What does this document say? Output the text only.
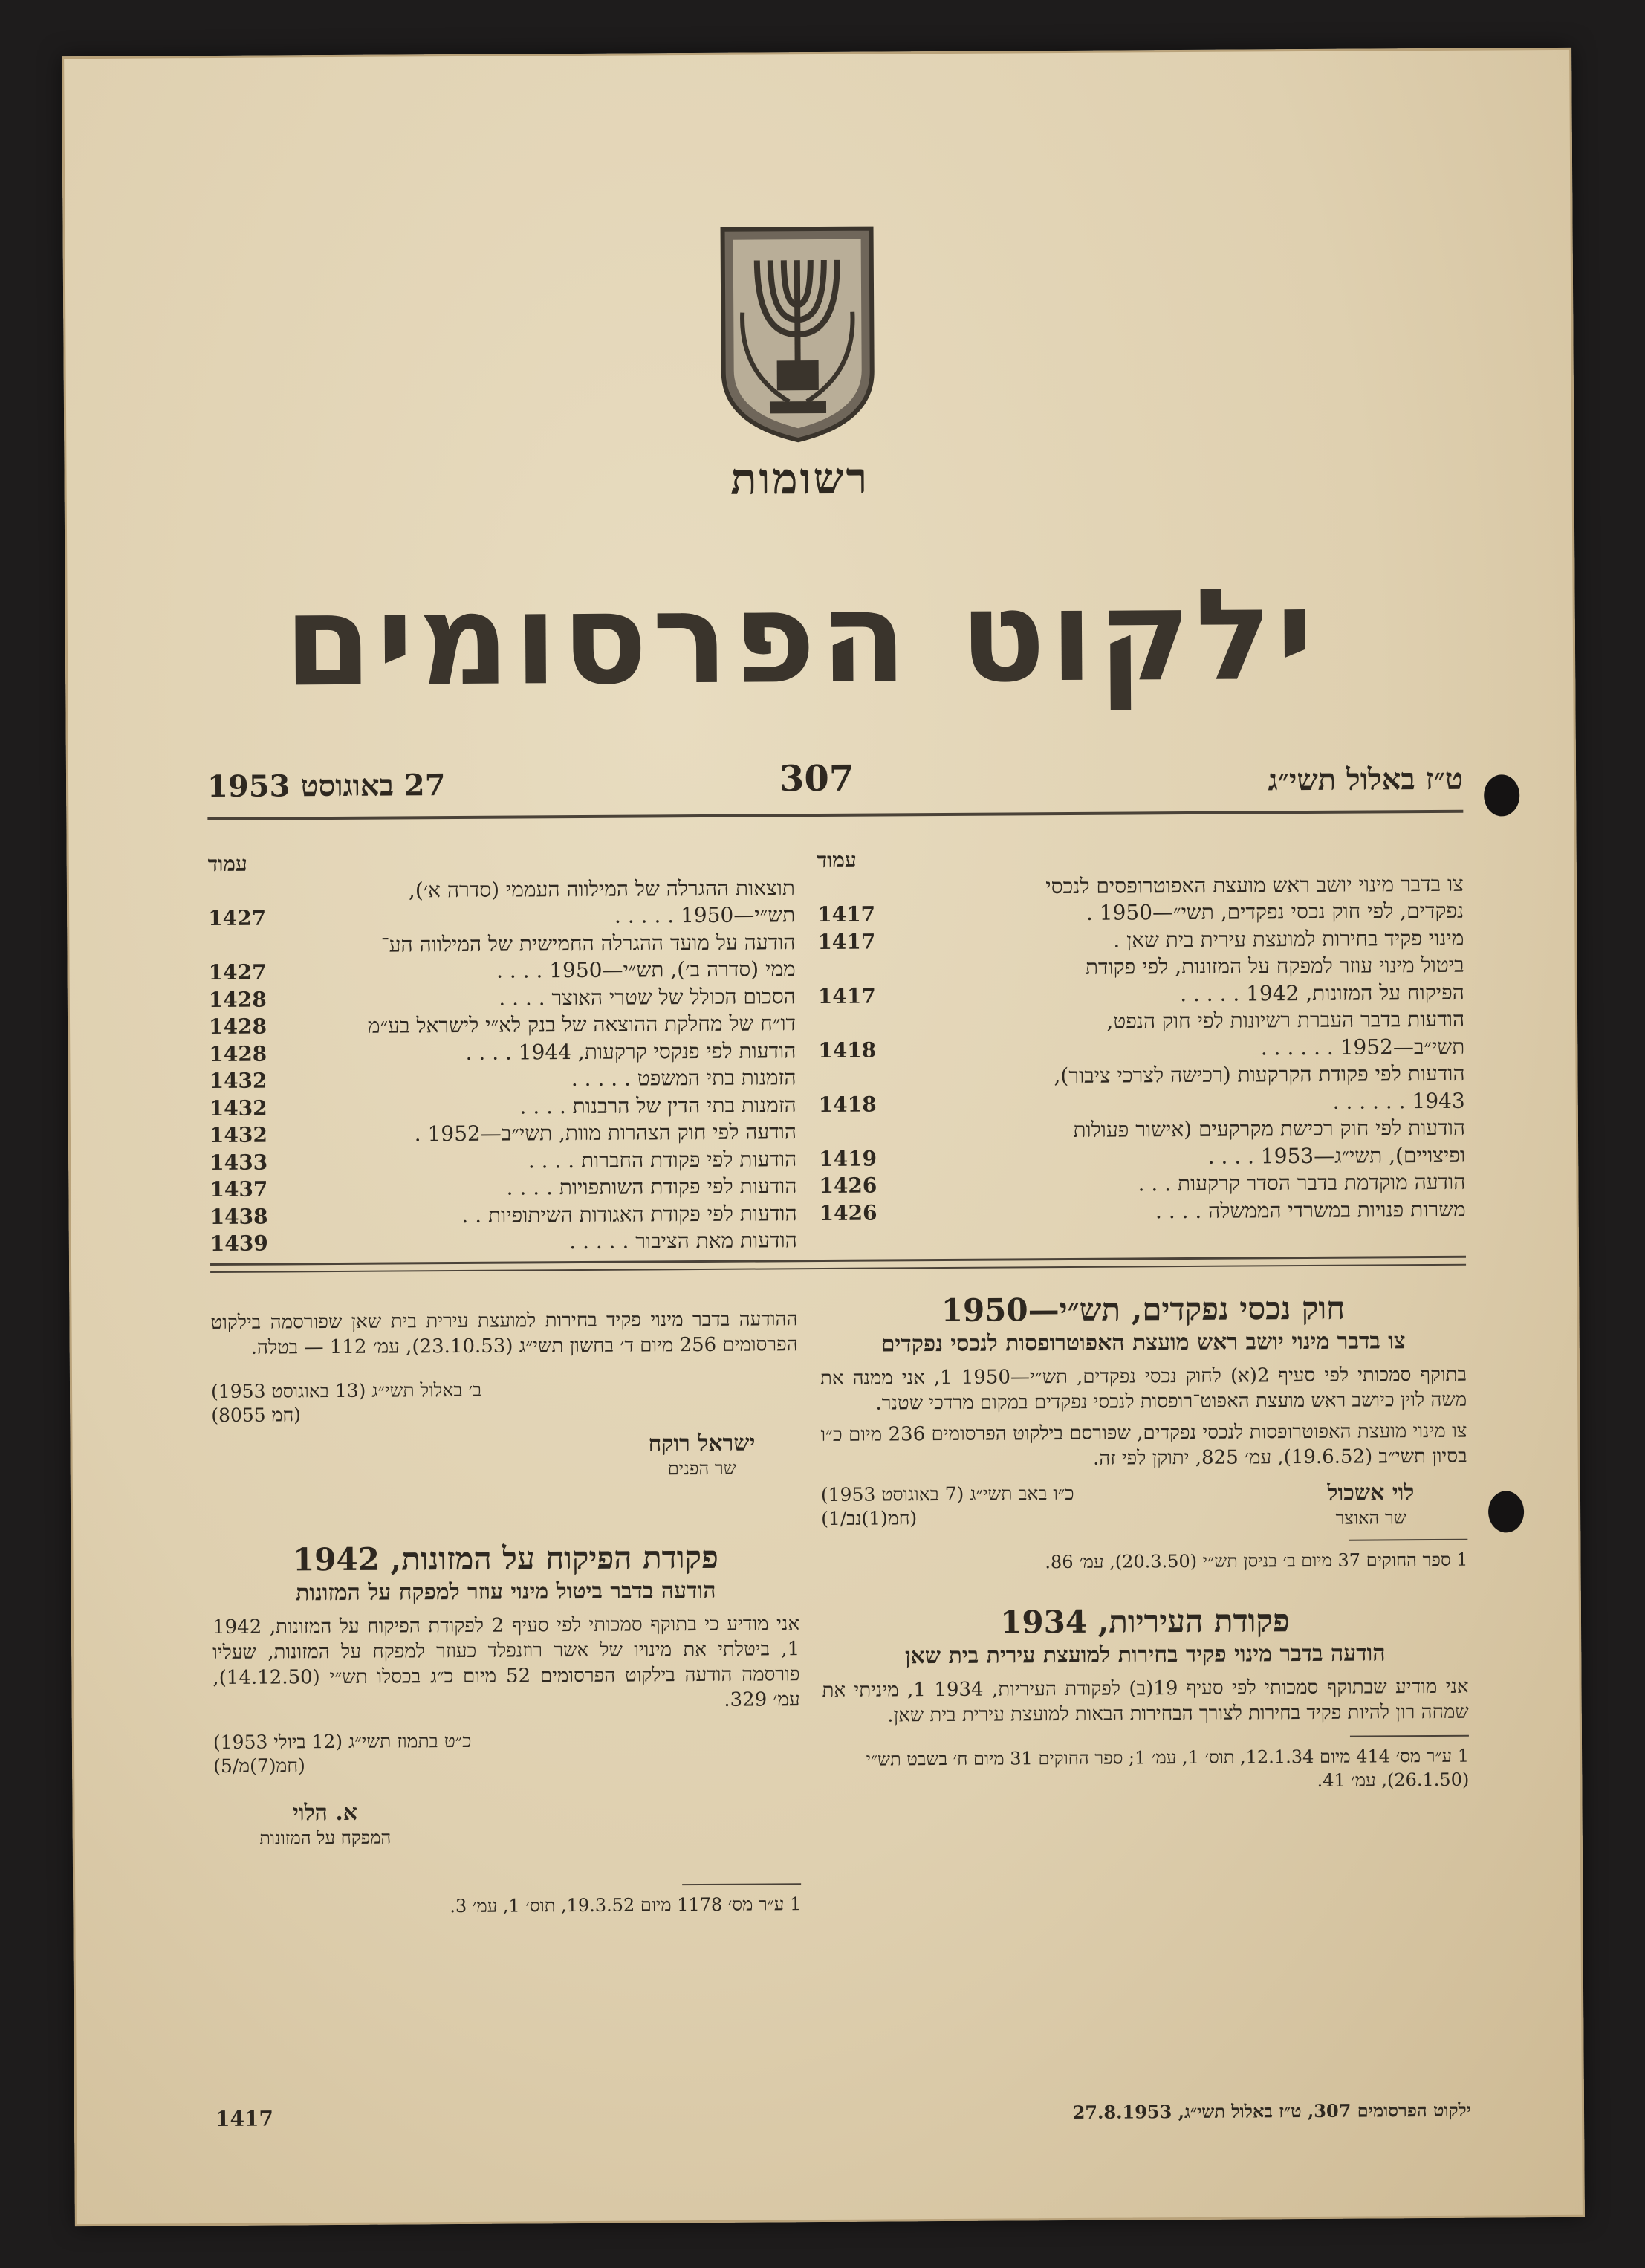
רשומות
ילקוט הפרסומים
ט״ז באלול תשי״ג
307
27 באוגוסט 1953
עמוד
צו בדבר מינוי יושב ראש מועצת האפוטרופסים לנכסי
נפקדים, לפי חוק נכסי נפקדים, תשי״—1950 .
1417
מינוי פקיד בחירות למועצת עירית בית שאן .
1417
ביטול מינוי עוזר למפקח על המזונות, לפי פקודת
הפיקוח על המזונות, 1942 . . . . .
1417
הודעות בדבר העברת רשיונות לפי חוק הנפט,
תשי״ב—1952 . . . . . .
1418
הודעות לפי פקודת הקרקעות (רכישה לצרכי ציבור),
1943 . . . . . .
1418
הודעות לפי חוק רכישת מקרקעים (אישור פעולות
ופיצויים), תשי״ג—1953 . . . .
1419
הודעה מוקדמת בדבר הסדר קרקעות . . .
1426
משרות פנויות במשרדי הממשלה . . . .
1426
עמוד
תוצאות ההגרלה של המילווה העממי (סדרה א׳),
תש״י—1950 . . . . .
1427
הודעה על מועד ההגרלה החמישית של המילווה הע־
ממי (סדרה ב׳), תש״י—1950 . . . .
1427
הסכום הכולל של שטרי האוצר . . . .
1428
דו״ח של מחלקת ההוצאה של בנק לא״י לישראל בע״מ
1428
הודעות לפי פנקסי קרקעות, 1944 . . . .
1428
הזמנות בתי המשפט . . . . .
1432
הזמנות בתי הדין של הרבנות . . . .
1432
הודעה לפי חוק הצהרות מוות, תשי״ב—1952 .
1432
הודעות לפי פקודת החברות . . . .
1433
הודעות לפי פקודת השותפויות . . . .
1437
הודעות לפי פקודת האגודות השיתופיות . .
1438
הודעות מאת הציבור . . . . .
1439
חוק נכסי נפקדים, תש״י—1950
צו בדבר מינוי יושב ראש מועצת האפוטרופסות לנכסי נפקדים
בתוקף סמכותי לפי סעיף 2(א) לחוק נכסי נפקדים, תש״י—1950 1, אני ממנה את משה לוין כיושב ראש מועצת האפוט־רופסות לנכסי נפקדים במקום מרדכי שטנר.
צו מינוי מועצת האפוטרופסות לנכסי נפקדים, שפורסם בילקוט הפרסומים 236 מיום כ״ו בסיון תשי״ב (19.6.52), עמ׳ 825, יתוקן לפי זה.
לוי אשכול
שר האוצר
כ״ו באב תשי״ג (7 באוגוסט 1953)
(חמ(1)נב/1)
1 ספר החוקים 37 מיום ב׳ בניסן תש״י (20.3.50), עמ׳ 86.
פקודת העיריות, 1934
הודעה בדבר מינוי פקיד בחירות למועצת עירית בית שאן
אני מודיע שבתוקף סמכותי לפי סעיף 19(ב) לפקודת העיריות, 1934 1, מיניתי את שמחה רון להיות פקיד בחירות לצורך הבחירות הבאות למועצת עירית בית שאן.
1 ע״ר מס׳ 414 מיום 12.1.34, תוס׳ 1, עמ׳ 1; ספר החוקים 31 מיום ח׳ בשבט תש״י (26.1.50), עמ׳ 41.
ההודעה בדבר מינוי פקיד בחירות למועצת עירית בית שאן שפורסמה בילקוט הפרסומים 256 מיום ד׳ בחשון תשי״ג (23.10.53), עמ׳ 112 — בטלה.
ב׳ באלול תשי״ג (13 באוגוסט 1953)
(חמ 8055)
ישראל רוקח
שר הפנים
פקודת הפיקוח על המזונות, 1942
הודעה בדבר ביטול מינוי עוזר למפקח על המזונות
אני מודיע כי בתוקף סמכותי לפי סעיף 2 לפקודת הפיקוח על המזונות, 1942 1, ביטלתי את מינויו של אשר רוזנפלד כעוזר למפקח על המזונות, שעליו פורסמה הודעה בילקוט הפרסומים 52 מיום כ״ג בכסלו תש״י (14.12.50), עמ׳ 329.
כ״ט בתמוז תשי״ג (12 ביולי 1953)
(חמ(7)מ/5)
א. הלוי
המפקח על המזונות
1 ע״ר מס׳ 1178 מיום 19.3.52, תוס׳ 1, עמ׳ 3.
1417	ילקוט הפרסומים 307, ט״ז באלול תשי״ג, 27.8.1953
